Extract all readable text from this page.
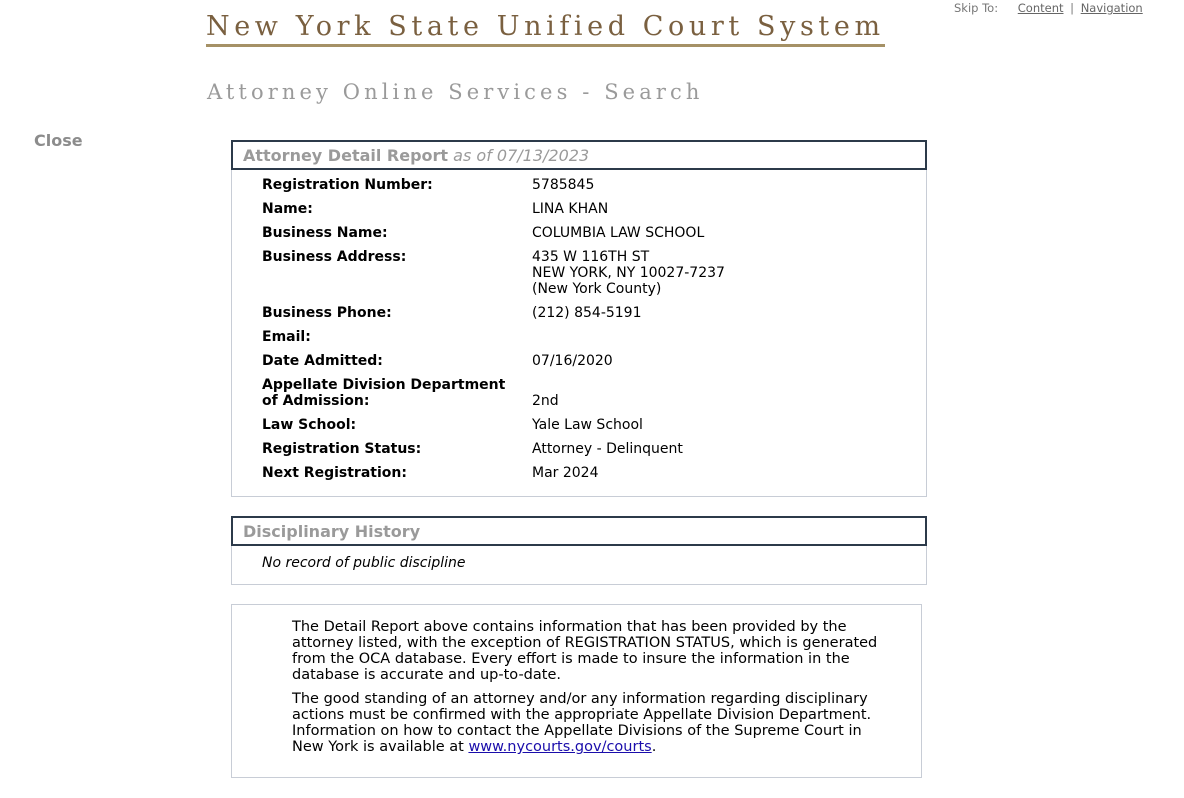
Skip To: Content | Navigation
New York State Unified Court System
Attorney Online Services - Search
Close
Attorney Detail Report as of 07/13/2023
Registration Number:	5785845
Name:	LINA KHAN
Business Name:	COLUMBIA LAW SCHOOL
Business Address:	435 W 116TH ST
NEW YORK, NY 10027-7237
(New York County)
Business Phone:	(212) 854-5191
Email:
Date Admitted:	07/16/2020
Appellate Division Department
of Admission:	2nd
Law School:	Yale Law School
Registration Status:	Attorney - Delinquent
Next Registration:	Mar 2024
Disciplinary History
No record of public discipline

The Detail Report above contains information that has been provided by the attorney listed, with the exception of REGISTRATION STATUS, which is generated from the OCA database. Every effort is made to insure the information in the database is accurate and up-to-date.

The good standing of an attorney and/or any information regarding disciplinary actions must be confirmed with the appropriate Appellate Division Department. Information on how to contact the Appellate Divisions of the Supreme Court in New York is available at www.nycourts.gov/courts.
